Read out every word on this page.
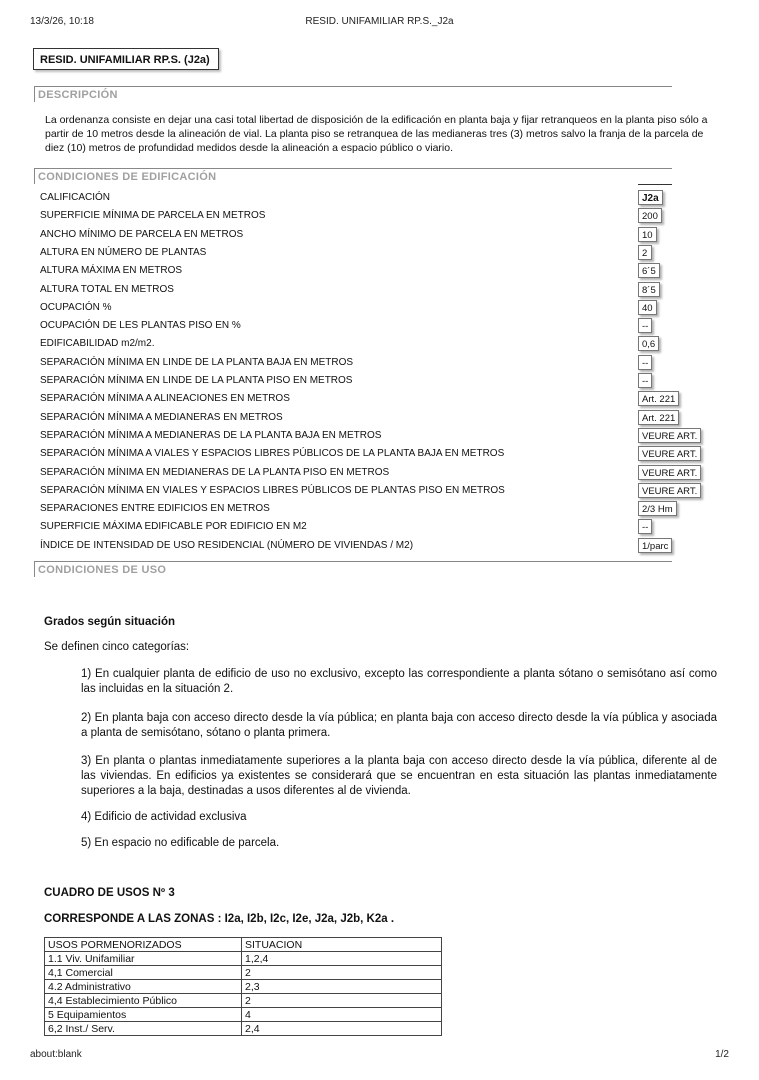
13/3/26, 10:18	RESID. UNIFAMILIAR RP.S._J2a
RESID. UNIFAMILIAR RP.S. (J2a)
DESCRIPCIÓN
La ordenanza consiste en dejar una casi total libertad de disposición de la edificación en planta baja y fijar retranqueos en la planta piso sólo a partir de 10 metros desde la alineación de vial. La planta piso se retranquea de las medianeras tres (3) metros salvo la franja de la parcela de diez (10) metros de profundidad medidos desde la alineación a espacio público o viario.
CONDICIONES DE EDIFICACIÓN
CALIFICACIÓN	J2a
SUPERFICIE MÍNIMA DE PARCELA EN METROS	200
ANCHO MÍNIMO DE PARCELA EN METROS	10
ALTURA EN NÚMERO DE PLANTAS	2
ALTURA MÁXIMA EN METROS	6´5
ALTURA TOTAL EN METROS	8´5
OCUPACIÓN %	40
OCUPACIÓN DE LES PLANTAS PISO EN %	--
EDIFICABILIDAD m2/m2.	0,6
SEPARACIÓN MÍNIMA EN LINDE DE LA PLANTA BAJA EN METROS	--
SEPARACIÓN MÍNIMA EN LINDE DE LA PLANTA PISO EN METROS	--
SEPARACIÓN MÍNIMA A ALINEACIONES EN METROS	Art. 221
SEPARACIÓN MÍNIMA A MEDIANERAS EN METROS	Art. 221
SEPARACIÓN MÍNIMA A MEDIANERAS DE LA PLANTA BAJA EN METROS	VEURE ART.
SEPARACIÓN MÍNIMA A VIALES Y ESPACIOS LIBRES PÚBLICOS DE LA PLANTA BAJA EN METROS	VEURE ART.
SEPARACIÓN MÍNIMA EN MEDIANERAS DE LA PLANTA PISO EN METROS	VEURE ART.
SEPARACIÓN MÍNIMA EN VIALES Y ESPACIOS LIBRES PÚBLICOS DE PLANTAS PISO EN METROS	VEURE ART.
SEPARACIONES ENTRE EDIFICIOS EN METROS	2/3 Hm
SUPERFICIE MÁXIMA EDIFICABLE POR EDIFICIO EN M2	--
ÍNDICE DE INTENSIDAD DE USO RESIDENCIAL (NÚMERO DE VIVIENDAS / M2)	1/parc
CONDICIONES DE USO
Grados según situación
Se definen cinco categorías:
1) En cualquier planta de edificio de uso no exclusivo, excepto las correspondiente a planta sótano o semisótano así como las incluidas en la situación 2.
2) En planta baja con acceso directo desde la vía pública; en planta baja con acceso directo desde la vía pública y asociada a planta de semisótano, sótano o planta primera.
3) En planta o plantas inmediatamente superiores a la planta baja con acceso directo desde la vía pública, diferente al de las viviendas. En edificios ya existentes se considerará que se encuentran en esta situación las plantas inmediatamente superiores a la baja, destinadas a usos diferentes al de vivienda.
4) Edificio de actividad exclusiva
5) En espacio no edificable de parcela.
CUADRO DE USOS Nº 3
CORRESPONDE A LAS ZONAS : I2a, I2b, I2c, I2e, J2a, J2b, K2a .
USOS PORMENORIZADOS	SITUACION
1.1 Viv. Unifamiliar	1,2,4
4,1 Comercial	2
4.2 Administrativo	2,3
4,4 Establecimiento Público	2
5 Equipamientos	4
6,2 Inst./ Serv.	2,4
about:blank	1/2
